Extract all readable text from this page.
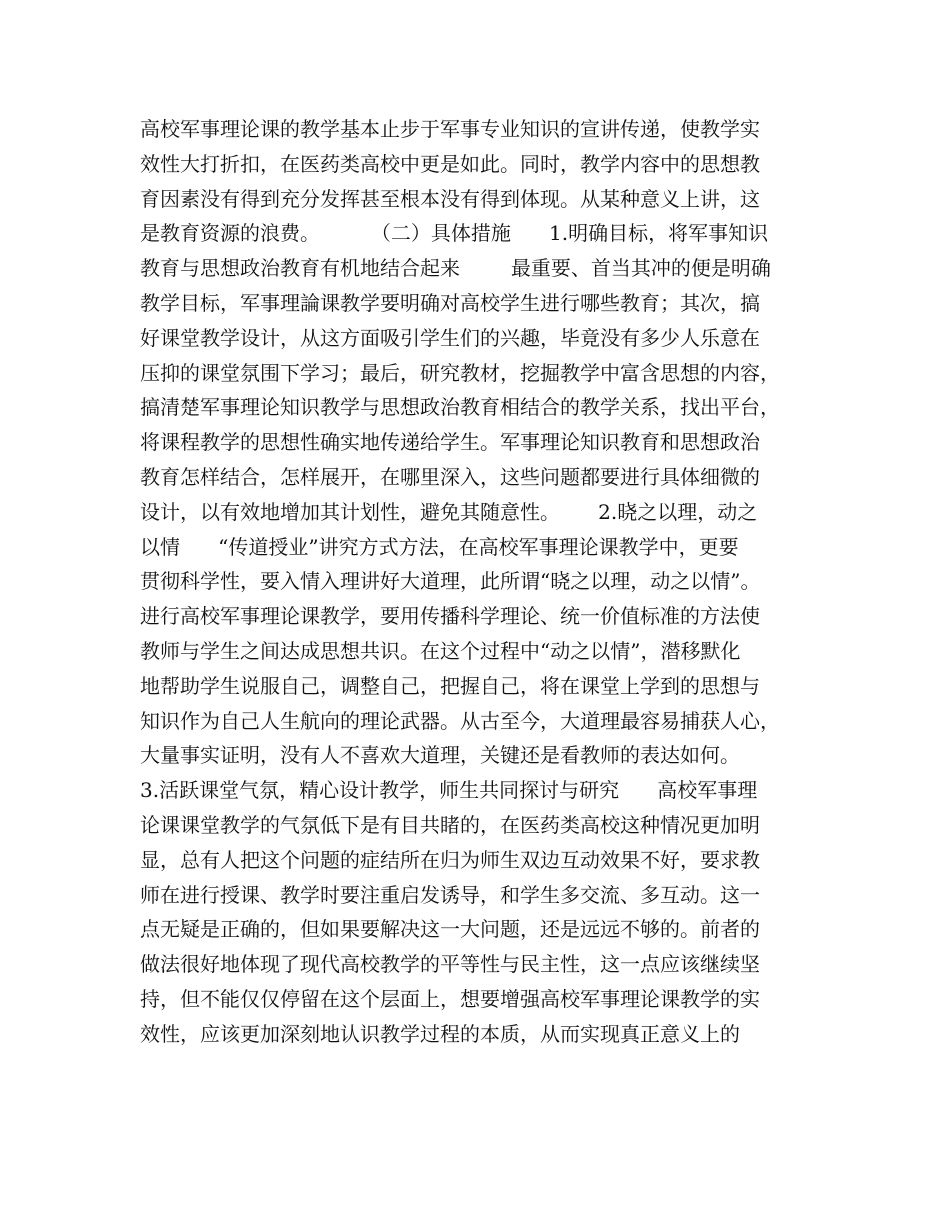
高校军事理论课的教学基本止步于军事专业知识的宣讲传递，使教学实
效性大打折扣，在医药类高校中更是如此。同时，教学内容中的思想教
育因素没有得到充分发挥甚至根本没有得到体现。从某种意义上讲，这
是教育资源的浪费。        （二）具体措施      1.明确目标，将军事知识
教育与思想政治教育有机地结合起来        最重要、首当其冲的便是明确
教学目标，军事理論课教学要明确对高校学生进行哪些教育；其次，搞
好课堂教学设计，从这方面吸引学生们的兴趣，毕竟没有多少人乐意在
压抑的课堂氛围下学习；最后，研究教材，挖掘教学中富含思想的内容，
搞清楚军事理论知识教学与思想政治教育相结合的教学关系，找出平台，
将课程教学的思想性确实地传递给学生。军事理论知识教育和思想政治
教育怎样结合，怎样展开，在哪里深入，这些问题都要进行具体细微的
设计，以有效地增加其计划性，避免其随意性。      2.晓之以理，动之
以情      “传道授业”讲究方式方法，在高校军事理论课教学中，更要
贯彻科学性，要入情入理讲好大道理，此所谓“晓之以理，动之以情”。
进行高校军事理论课教学，要用传播科学理论、统一价值标准的方法使
教师与学生之间达成思想共识。在这个过程中“动之以情”，潜移默化
地帮助学生说服自己，调整自己，把握自己，将在课堂上学到的思想与
知识作为自己人生航向的理论武器。从古至今，大道理最容易捕获人心，
大量事实证明，没有人不喜欢大道理，关键还是看教师的表达如何。
3.活跃课堂气氛，精心设计教学，师生共同探讨与研究      高校军事理
论课课堂教学的气氛低下是有目共睹的，在医药类高校这种情况更加明
显，总有人把这个问题的症结所在归为师生双边互动效果不好，要求教
师在进行授课、教学时要注重启发诱导，和学生多交流、多互动。这一
点无疑是正确的，但如果要解决这一大问题，还是远远不够的。前者的
做法很好地体现了现代高校教学的平等性与民主性，这一点应该继续坚
持，但不能仅仅停留在这个层面上，想要增强高校军事理论课教学的实
效性，应该更加深刻地认识教学过程的本质，从而实现真正意义上的
